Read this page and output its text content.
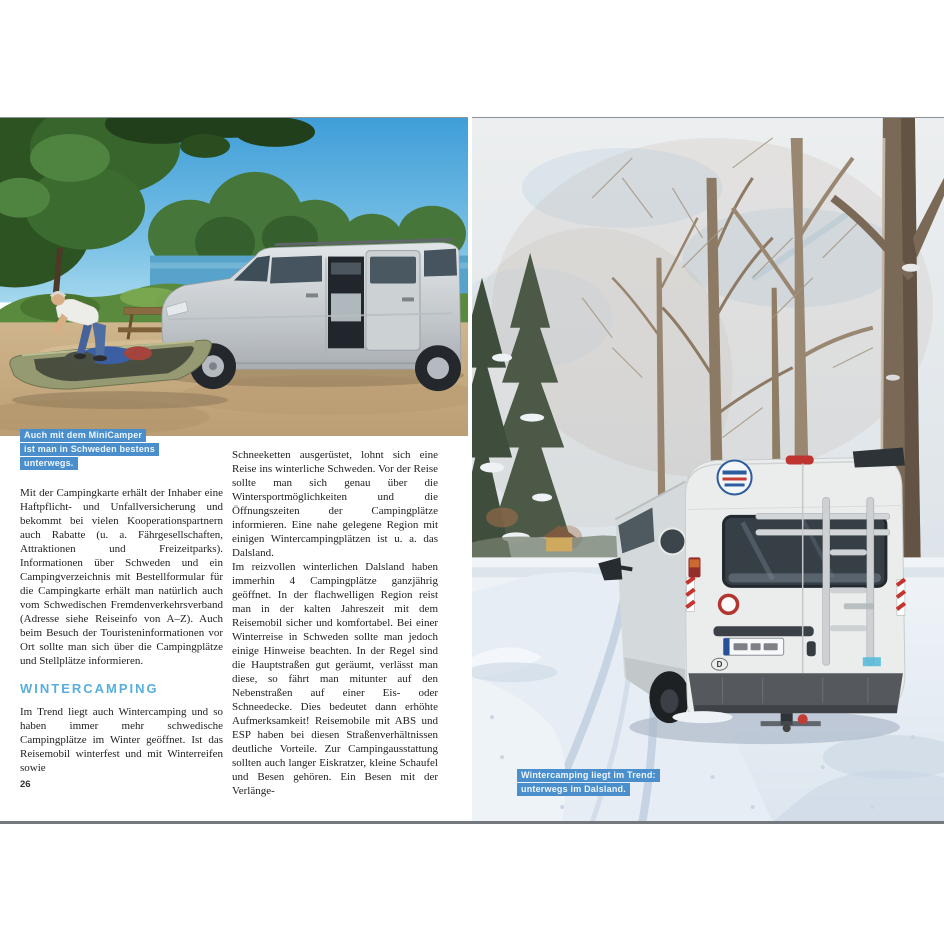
D
Auch mit dem MiniCamper
ist man in Schweden bestens
unterwegs.
Wintercamping liegt im Trend:
unterwegs im Dalsland.

Mit der Campingkarte erhält der Inhaber eine Haftpflicht- und Unfallversicherung und bekommt bei vielen Kooperationspartnern auch Rabatte (u. a. Fährgesellschaften, Attraktionen und Freizeitparks). Informationen über Schweden und ein Campingverzeichnis mit Bestellformular für die Campingkarte erhält man natürlich auch vom Schwedischen Fremdenverkehrsverband (Adresse siehe Reiseinfo von A–Z). Auch beim Besuch der Touristeninformationen vor Ort sollte man sich über die Campingplätze und Stellplätze informieren.

WINTERCAMPING

Im Trend liegt auch Wintercamping und so haben immer mehr schwedische Campingplätze im Winter geöffnet. Ist das Reisemobil winterfest und mit Winterreifen sowie

Schneeketten ausgerüstet, lohnt sich eine Reise ins winterliche Schweden. Vor der Reise sollte man sich genau über die Wintersportmöglichkeiten und die Öffnungszeiten der Campingplätze informieren. Eine nahe gelegene Region mit einigen Wintercampingplätzen ist u. a. das Dalsland.

Im reizvollen winterlichen Dalsland haben immerhin 4 Campingplätze ganzjährig geöffnet. In der flachwelligen Region reist man in der kalten Jahreszeit mit dem Reisemobil sicher und komfortabel. Bei einer Winterreise in Schweden sollte man jedoch einige Hinweise beachten. In der Regel sind die Hauptstraßen gut geräumt, verlässt man diese, so fährt man mitunter auf den Nebenstraßen auf einer Eis- oder Schneedecke. Dies bedeutet dann erhöhte Aufmerksamkeit! Reisemobile mit ABS und ESP haben bei diesen Straßenverhältnissen deutliche Vorteile. Zur Campingausstattung sollten auch langer Eiskratzer, kleine Schaufel und Besen gehören. Ein Besen mit der Verlänge-

26
